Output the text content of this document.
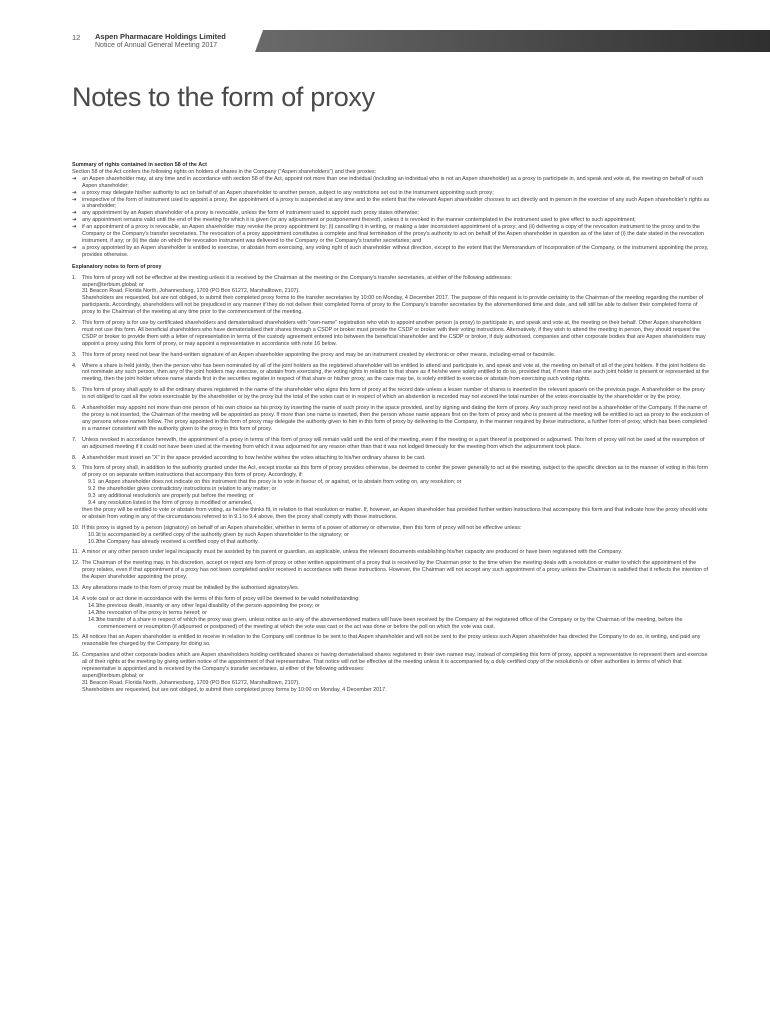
12 Aspen Pharmacare Holdings Limited
Notice of Annual General Meeting 2017
Notes to the form of proxy

Summary of rights contained in section 58 of the Act

Section 58 of the Act confers the following rights on holders of shares in the Company ("Aspen shareholders") and their proxies:

➔ an Aspen shareholder may, at any time and in accordance with section 58 of the Act, appoint not more than one individual (including an individual who is not an Aspen shareholder) as a proxy to participate in, and speak and vote at, the meeting on behalf of such Aspen shareholder;
➔ a proxy may delegate his/her authority to act on behalf of an Aspen shareholder to another person, subject to any restrictions set out in the instrument appointing such proxy;
➔ irrespective of the form of instrument used to appoint a proxy, the appointment of a proxy is suspended at any time and to the extent that the relevant Aspen shareholder chooses to act directly and in person in the exercise of any such Aspen shareholder's rights as a shareholder;
➔ any appointment by an Aspen shareholder of a proxy is revocable, unless the form of instrument used to appoint such proxy states otherwise;
➔ any appointment remains valid until the end of the meeting for which it is given (or any adjournment or postponement thereof), unless it is revoked in the manner contemplated in the instrument used to give effect to such appointment;
➔ if an appointment of a proxy is revocable, an Aspen shareholder may revoke the proxy appointment by: (i) cancelling it in writing, or making a later inconsistent appointment of a proxy; and (ii) delivering a copy of the revocation instrument to the proxy and to the Company or the Company's transfer secretaries. The revocation of a proxy appointment constitutes a complete and final termination of the proxy's authority to act on behalf of the Aspen shareholder in question as of the later of (i) the date stated in the revocation instrument, if any; or (ii) the date on which the revocation instrument was delivered to the Company or the Company's transfer secretaries; and
➔ a proxy appointed by an Aspen shareholder is entitled to exercise, or abstain from exercising, any voting right of such shareholder without direction, except to the extent that the Memorandum of Incorporation of the Company, or the instrument appointing the proxy, provides otherwise.

Explanatory notes to form of proxy

1. This form of proxy will not be effective at the meeting unless it is received by the Chairman at the meeting or the Company's transfer secretaries, at either of the following addresses:

aspen@terbium.global; or

31 Beacon Road, Florida North, Johannesburg, 1709 (PO Box 61272, Marshalltown, 2107).

Shareholders are requested, but are not obliged, to submit their completed proxy forms to the transfer secretaries by 10:00 on Monday, 4 December 2017. The purpose of this request is to provide certainty to the Chairman of the meeting regarding the number of participants. Accordingly, shareholders will not be prejudiced in any manner if they do not deliver their completed forms of proxy to the Company's transfer secretaries by the aforementioned time and date, and will still be able to deliver their completed forms of proxy to the Chairman of the meeting at any time prior to the commencement of the meeting.

2. This form of proxy is for use by certificated shareholders and dematerialised shareholders with "own-name" registration who wish to appoint another person (a proxy) to participate in, and speak and vote at, the meeting on their behalf. Other Aspen shareholders must not use this form. All beneficial shareholders who have dematerialised their shares through a CSDP or broker must provide the CSDP or broker with their voting instructions. Alternatively, if they wish to attend the meeting in person, they should request the CSDP or broker to provide them with a letter of representation in terms of the custody agreement entered into between the beneficial shareholder and the CSDP or broker, if duly authorised, companies and other corporate bodies that are Aspen shareholders may appoint a proxy using this form of proxy, or may appoint a representative in accordance with note 16 below.

3. This form of proxy need not bear the hand-written signature of an Aspen shareholder appointing the proxy and may be an instrument created by electronic or other means, including email or facsimile.

4. Where a share is held jointly, then the person who has been nominated by all of the joint holders as the registered shareholder will be entitled to attend and participate in, and speak and vote at, the meeting on behalf of all of the joint holders. If the joint holders do not nominate any such person, then any of the joint holders may exercise, or abstain from exercising, the voting rights in relation to that share as if he/she were solely entitled to do so, provided that, if more than one such joint holder is present or represented at the meeting, then the joint holder whose name stands first in the securities register in respect of that share or his/her proxy, as the case may be, is solely entitled to exercise or abstain from exercising such voting rights.

5. This form of proxy shall apply to all the ordinary shares registered in the name of the shareholder who signs this form of proxy at the record date unless a lesser number of shares is inserted in the relevant space/s on the previous page. A shareholder or the proxy is not obliged to cast all the votes exercisable by the shareholder or by the proxy but the total of the votes cast or in respect of which an abstention is recorded may not exceed the total number of the votes exercisable by the shareholder or by the proxy.

6. A shareholder may appoint not more than one person of his own choice as his proxy by inserting the name of such proxy in the space provided, and by signing and dating the form of proxy. Any such proxy need not be a shareholder of the Company. If the name of the proxy is not inserted, the Chairman of the meeting will be appointed as proxy. If more than one name is inserted, then the person whose name appears first on the form of proxy and who is present at the meeting will be entitled to act as proxy to the exclusion of any persons whose names follow. The proxy appointed in this form of proxy may delegate the authority given to him in this form of proxy by delivering to the Company, in the manner required by these instructions, a further form of proxy, which has been completed in a manner consistent with the authority given to the proxy in this form of proxy.

7. Unless revoked in accordance herewith, the appointment of a proxy in terms of this form of proxy will remain valid until the end of the meeting, even if the meeting or a part thereof is postponed or adjourned. This form of proxy will not be used at the resumption of an adjourned meeting if it could not have been used at the meeting from which it was adjourned for any reason other than that it was not lodged timeously for the meeting from which the adjournment took place.

8. A shareholder must insert an "X" in the space provided according to how he/she wishes the votes attaching to his/her ordinary shares to be cast.

9. This form of proxy shall, in addition to the authority granted under the Act, except insofar as this form of proxy provides otherwise, be deemed to confer the power generally to act at the meeting, subject to the specific direction as to the manner of voting in this form of proxy or on separate written instructions that accompany this form of proxy. Accordingly, if:

9.1 an Aspen shareholder does not indicate on this instrument that the proxy is to vote in favour of, or against, or to abstain from voting on, any resolution; or
9.2 the shareholder gives contradictory instructions in relation to any matter; or
9.3 any additional resolution/s are properly put before the meeting; or
9.4 any resolution listed in the form of proxy is modified or amended,

then the proxy will be entitled to vote or abstain from voting, as he/she thinks fit, in relation to that resolution or matter. If, however, an Aspen shareholder has provided further written instructions that accompany this form and that indicate how the proxy should vote or abstain from voting in any of the circumstances referred to in 9.1 to 9.4 above, then the proxy shall comply with those instructions.

10. If this proxy is signed by a person (signatory) on behalf of an Aspen shareholder, whether in terms of a power of attorney or otherwise, then this form of proxy will not be effective unless:

10.1 it is accompanied by a certified copy of the authority given by such Aspen shareholder to the signatory; or
10.2 the Company has already received a certified copy of that authority.
11. A minor or any other person under legal incapacity must be assisted by his parent or guardian, as applicable, unless the relevant documents establishing his/her capacity are produced or have been registered with the Company.

12. The Chairman of the meeting may, in his discretion, accept or reject any form of proxy or other written appointment of a proxy that is received by the Chairman prior to the time when the meeting deals with a resolution or matter to which the appointment of the proxy relates, even if that appointment of a proxy has not been completed and/or received in accordance with these instructions. However, the Chairman will not accept any such appointment of a proxy unless the Chairman is satisfied that it reflects the intention of the Aspen shareholder appointing the proxy.

13. Any alterations made to this form of proxy must be initialled by the authorised signatory/ies.

14. A vote cast or act done in accordance with the terms of this form of proxy will be deemed to be valid notwithstanding:

14.1 the previous death, insanity or any other legal disability of the person appointing the proxy; or
14.2 the revocation of the proxy in terms hereof; or
14.3 the transfer of a share in respect of which the proxy was given, unless notice as to any of the abovementioned matters will have been received by the Company at the registered office of the Company or by the Chairman of the meeting, before the commencement or resumption (if adjourned or postponed) of the meeting at which the vote was cast or the act was done or before the poll on which the vote was cast.
15. All notices that an Aspen shareholder is entitled to receive in relation to the Company will continue to be sent to that Aspen shareholder and will not be sent to the proxy unless such Aspen shareholder has directed the Company to do so, in writing, and paid any reasonable fee charged by the Company for doing so.

16. Companies and other corporate bodies which are Aspen shareholders holding certificated shares or having dematerialised shares registered in their own names may, instead of completing this form of proxy, appoint a representative to represent them and exercise all of their rights at the meeting by giving written notice of the appointment of that representative. That notice will not be effective at the meeting unless it is accompanied by a duly certified copy of the resolution/s or other authorities in terms of which that representative is appointed and is received by the Company's transfer secretaries, at either of the following addresses:

aspen@terbium.global; or

31 Beacon Road, Florida North, Johannesburg, 1709 (PO Box 61272, Marshalltown, 2107).

Shareholders are requested, but are not obliged, to submit their completed proxy forms by 10:00 on Monday, 4 December 2017.
